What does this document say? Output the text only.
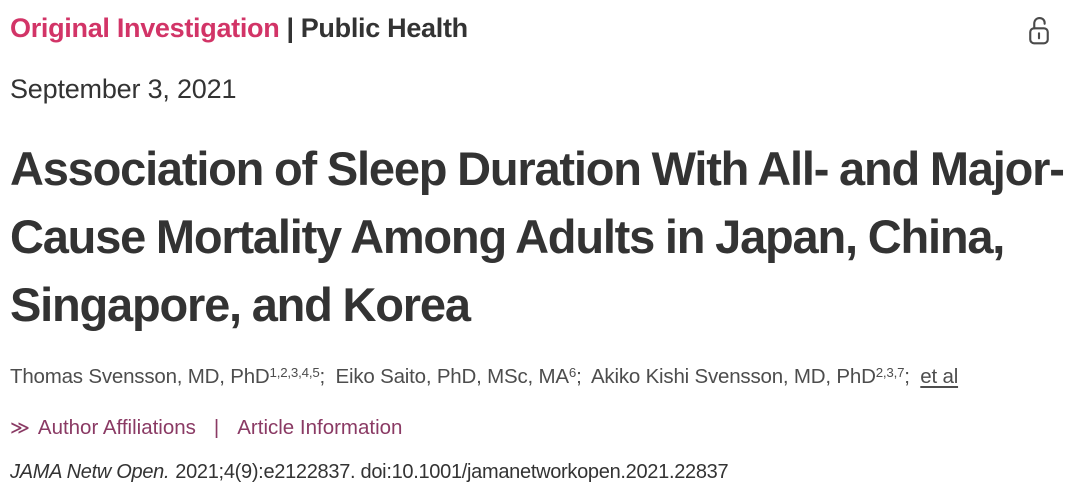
Original Investigation | Public Health
September 3, 2021
Association of Sleep Duration With All- and Major-Cause Mortality Among Adults in Japan, China, Singapore, and Korea
Thomas Svensson, MD, PhD$^{1,2,3,4,5}$; Eiko Saito, PhD, MSc, $MA^6$; Akiko Kishi Svensson, MD, PhD$^{2,3,7}$; et al
≫ Author Affiliations | Article Information
JAMA Netw Open. 2021;4(9):e2122837. doi:10.1001/jamanetworkopen.2021.22837
